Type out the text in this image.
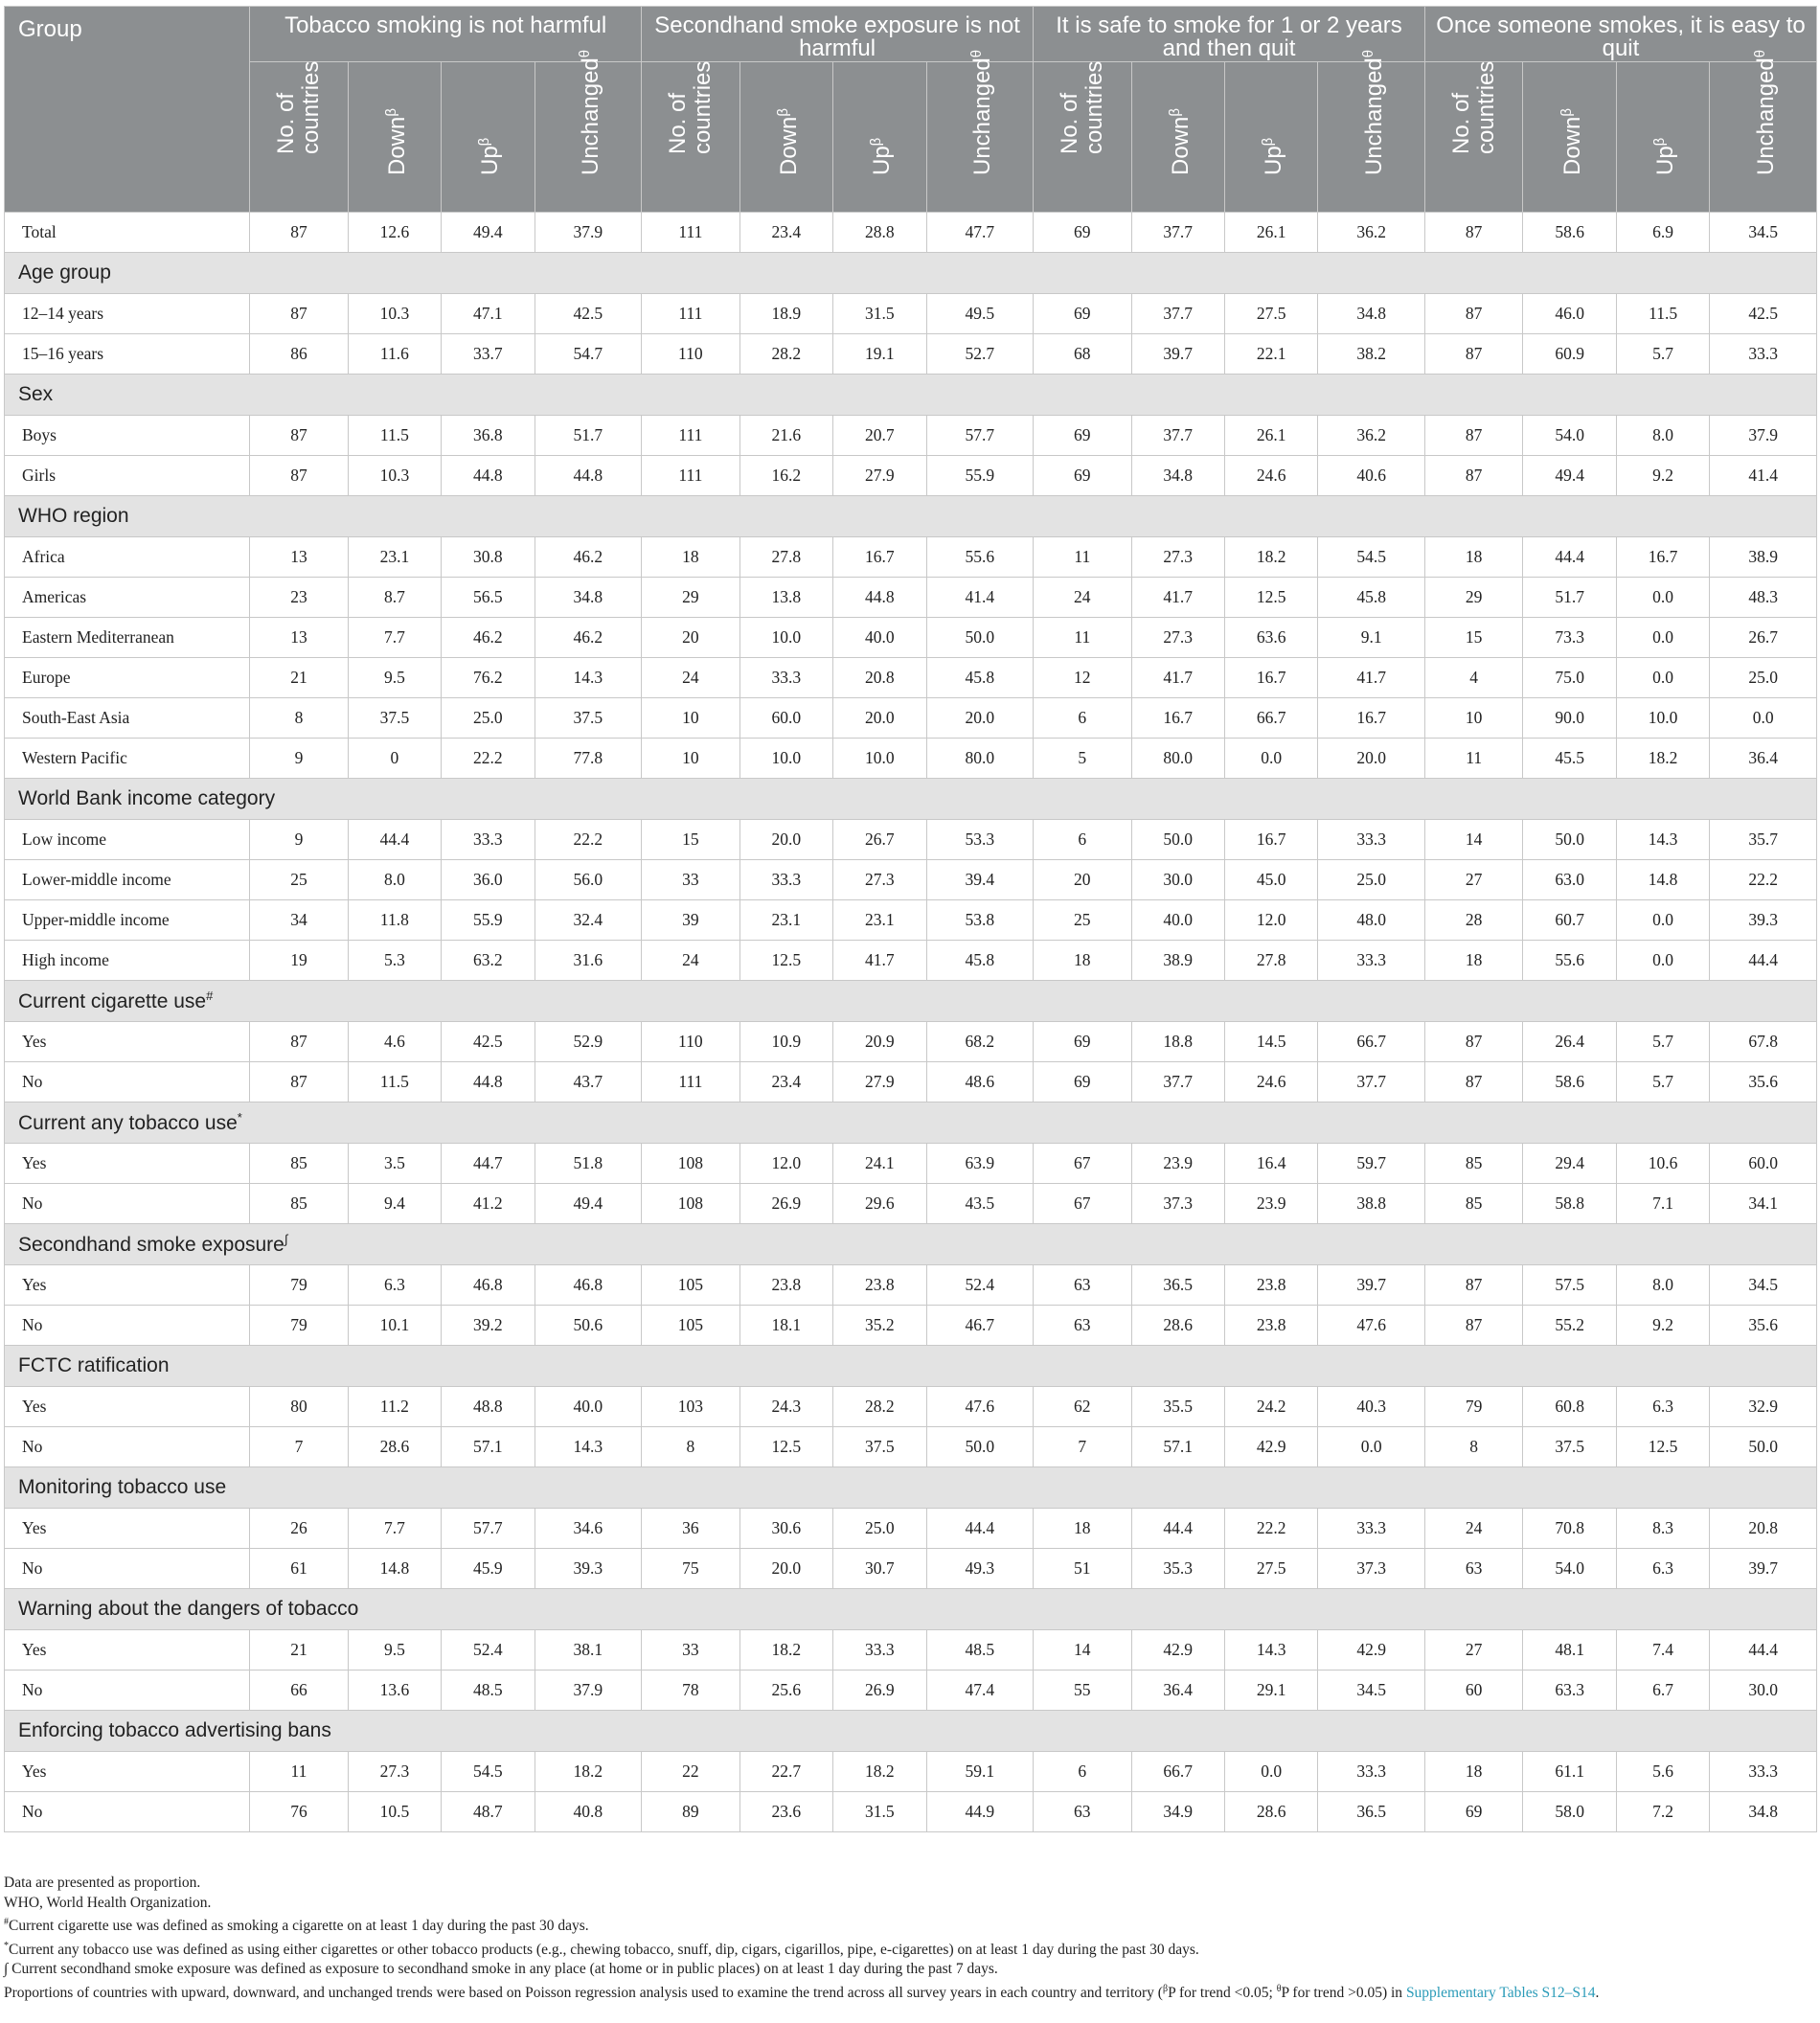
Group	Tobacco smoking is not harmful				Secondhand smoke exposure is not harmful				It is safe to smoke for 1 or 2 years and then quit				Once someone smokes, it is easy to quit			

	No. of countries	Down$^\beta$	$Up^\beta$	Unchanged$^\theta$	No. of countries	Down$^\beta$	$Up^\beta$	Unchanged$^\theta$	No. of countries	Down$^\beta$	$Up^\beta$	Unchanged$^\theta$	No. of countries	Down$^\beta$	$Up^\beta$	Unchanged$^\theta$

Total	87	12.6	49.4	37.9	111	23.4	28.8	47.7	69	37.7	26.1	36.2	87	58.6	6.9	34.5
Age group																
12–14 years	87	10.3	47.1	42.5	111	18.9	31.5	49.5	69	37.7	27.5	34.8	87	46.0	11.5	42.5
15–16 years	86	11.6	33.7	54.7	110	28.2	19.1	52.7	68	39.7	22.1	38.2	87	60.9	5.7	33.3
Sex																
Boys	87	11.5	36.8	51.7	111	21.6	20.7	57.7	69	37.7	26.1	36.2	87	54.0	8.0	37.9
Girls	87	10.3	44.8	44.8	111	16.2	27.9	55.9	69	34.8	24.6	40.6	87	49.4	9.2	41.4
WHO region																
Africa	13	23.1	30.8	46.2	18	27.8	16.7	55.6	11	27.3	18.2	54.5	18	44.4	16.7	38.9
Americas	23	8.7	56.5	34.8	29	13.8	44.8	41.4	24	41.7	12.5	45.8	29	51.7	0.0	48.3
Eastern Mediterranean	13	7.7	46.2	46.2	20	10.0	40.0	50.0	11	27.3	63.6	9.1	15	73.3	0.0	26.7
Europe	21	9.5	76.2	14.3	24	33.3	20.8	45.8	12	41.7	16.7	41.7	4	75.0	0.0	25.0
South-East Asia	8	37.5	25.0	37.5	10	60.0	20.0	20.0	6	16.7	66.7	16.7	10	90.0	10.0	0.0
Western Pacific	9	0	22.2	77.8	10	10.0	10.0	80.0	5	80.0	0.0	20.0	11	45.5	18.2	36.4
World Bank income category																
Low income	9	44.4	33.3	22.2	15	20.0	26.7	53.3	6	50.0	16.7	33.3	14	50.0	14.3	35.7
Lower-middle income	25	8.0	36.0	56.0	33	33.3	27.3	39.4	20	30.0	45.0	25.0	27	63.0	14.8	22.2
Upper-middle income	34	11.8	55.9	32.4	39	23.1	23.1	53.8	25	40.0	12.0	48.0	28	60.7	0.0	39.3
High income	19	5.3	63.2	31.6	24	12.5	41.7	45.8	18	38.9	27.8	33.3	18	55.6	0.0	44.4
Current cigarette use#
Yes	87	4.6	42.5	52.9	110	10.9	20.9	68.2	69	18.8	14.5	66.7	87	26.4	5.7	67.8
No	87	11.5	44.8	43.7	111	23.4	27.9	48.6	69	37.7	24.6	37.7	87	58.6	5.7	35.6
Current any tobacco use*
Yes	85	3.5	44.7	51.8	108	12.0	24.1	63.9	67	23.9	16.4	59.7	85	29.4	10.6	60.0
No	85	9.4	41.2	49.4	108	26.9	29.6	43.5	67	37.3	23.9	38.8	85	58.8	7.1	34.1
Secondhand smoke exposure∫
Yes	79	6.3	46.8	46.8	105	23.8	23.8	52.4	63	36.5	23.8	39.7	87	57.5	8.0	34.5
No	79	10.1	39.2	50.6	105	18.1	35.2	46.7	63	28.6	23.8	47.6	87	55.2	9.2	35.6
FCTC ratification																
Yes	80	11.2	48.8	40.0	103	24.3	28.2	47.6	62	35.5	24.2	40.3	79	60.8	6.3	32.9
No	7	28.6	57.1	14.3	8	12.5	37.5	50.0	7	57.1	42.9	0.0	8	37.5	12.5	50.0
Monitoring tobacco use																
Yes	26	7.7	57.7	34.6	36	30.6	25.0	44.4	18	44.4	22.2	33.3	24	70.8	8.3	20.8
No	61	14.8	45.9	39.3	75	20.0	30.7	49.3	51	35.3	27.5	37.3	63	54.0	6.3	39.7
Warning about the dangers of tobacco																
Yes	21	9.5	52.4	38.1	33	18.2	33.3	48.5	14	42.9	14.3	42.9	27	48.1	7.4	44.4
No	66	13.6	48.5	37.9	78	25.6	26.9	47.4	55	36.4	29.1	34.5	60	63.3	6.7	30.0
Enforcing tobacco advertising bans																
Yes	11	27.3	54.5	18.2	22	22.7	18.2	59.1	6	66.7	0.0	33.3	18	61.1	5.6	33.3
No	76	10.5	48.7	40.8	89	23.6	31.5	44.9	63	34.9	28.6	36.5	69	58.0	7.2	34.8
Data are presented as proportion.
WHO, World Health Organization.
#Current cigarette use was defined as smoking a cigarette on at least 1 day during the past 30 days.
*Current any tobacco use was defined as using either cigarettes or other tobacco products (e.g., chewing tobacco, snuff, dip, cigars, cigarillos, pipe, e-cigarettes) on at least 1 day during the past 30 days.
∫ Current secondhand smoke exposure was defined as exposure to secondhand smoke in any place (at home or in public places) on at least 1 day during the past 7 days.
Proportions of countries with upward, downward, and unchanged trends were based on Poisson regression analysis used to examine the trend across all survey years in each country and territory ($^\beta$P for trend <0.05; $^\theta$P for trend >0.05) in Supplementary Tables S12–S14.
